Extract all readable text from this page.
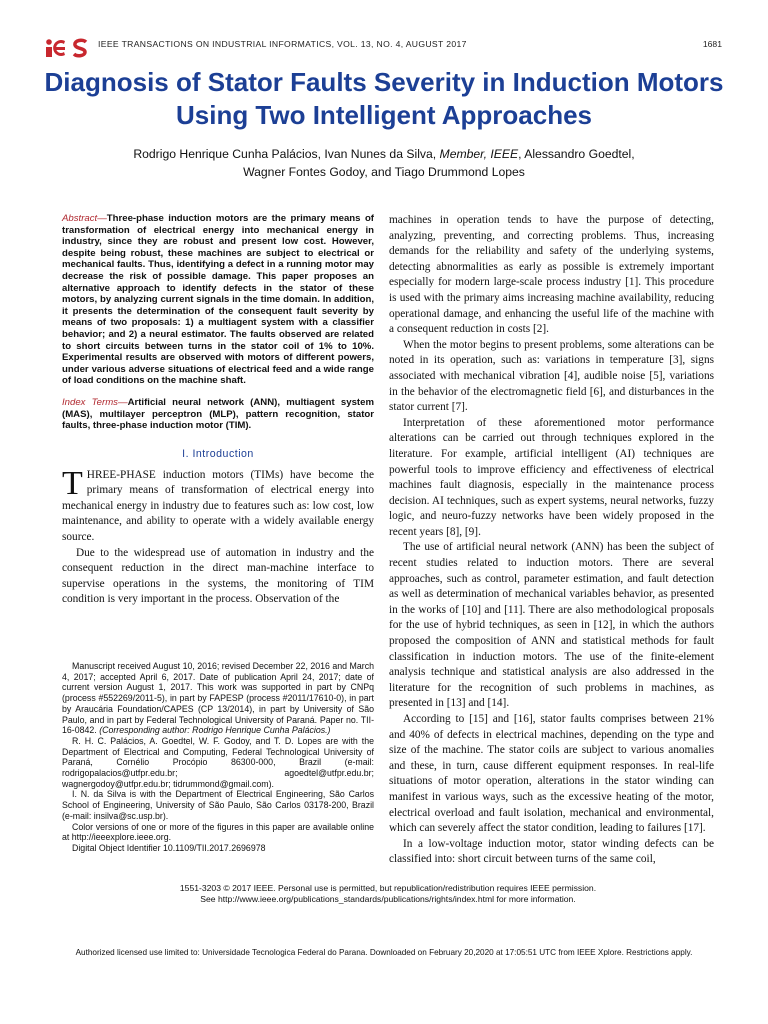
IEEE TRANSACTIONS ON INDUSTRIAL INFORMATICS, VOL. 13, NO. 4, AUGUST 2017	1681
Diagnosis of Stator Faults Severity in Induction Motors Using Two Intelligent Approaches
Rodrigo Henrique Cunha Palácios, Ivan Nunes da Silva, Member, IEEE, Alessandro Goedtel,
Wagner Fontes Godoy, and Tiago Drummond Lopes

Abstract—Three-phase induction motors are the primary means of transformation of electrical energy into mechanical energy in industry, since they are robust and present low cost. However, despite being robust, these machines are subject to electrical or mechanical faults. Thus, identifying a defect in a running motor may decrease the risk of possible damage. This paper proposes an alternative approach to identify defects in the stator of these motors, by analyzing current signals in the time domain. In addition, it presents the determination of the consequent fault severity by means of two proposals: 1) a multiagent system with a classifier behavior; and 2) a neural estimator. The faults observed are related to short circuits between turns in the stator coil of 1% to 10%. Experimental results are observed with motors of different powers, under various adverse situations of electrical feed and a wide range of load conditions on the machine shaft.

Index Terms—Artificial neural network (ANN), multiagent system (MAS), multilayer perceptron (MLP), pattern recognition, stator faults, three-phase induction motor (TIM).

I. Introduction

THREE-PHASE induction motors (TIMs) have become the primary means of transformation of electrical energy into mechanical energy in industry due to features such as: low cost, low maintenance, and ability to operate with a widely available energy source.

Due to the widespread use of automation in industry and the consequent reduction in the direct man-machine interface to supervise operations in the systems, the monitoring of TIM condition is very important in the process. Observation of the

Manuscript received August 10, 2016; revised December 22, 2016 and March 4, 2017; accepted April 6, 2017. Date of publication April 24, 2017; date of current version August 1, 2017. This work was supported in part by CNPq (process #552269/2011-5), in part by FAPESP (process #2011/17610-0), in part by Araucária Foundation/CAPES (CP 13/2014), in part by University of São Paulo, and in part by Federal Technological University of Paraná. Paper no. TII-16-0842. (Corresponding author: Rodrigo Henrique Cunha Palácios.)

R. H. C. Palácios, A. Goedtel, W. F. Godoy, and T. D. Lopes are with the Department of Electrical and Computing, Federal Technological University of Paraná, Cornélio Procópio 86300-000, Brazil (e-mail: rodrigopalacios@utfpr.edu.br; agoedtel@utfpr.edu.br; wagnergodoy@utfpr.edu.br; tidrummond@gmail.com).

I. N. da Silva is with the Department of Electrical Engineering, São Carlos School of Engineering, University of São Paulo, São Carlos 03178-200, Brazil (e-mail: insilva@sc.usp.br).

Color versions of one or more of the figures in this paper are available online at http://ieeexplore.ieee.org.

Digital Object Identifier 10.1109/TII.2017.2696978

machines in operation tends to have the purpose of detecting, analyzing, preventing, and correcting problems. Thus, increasing demands for the reliability and safety of the underlying systems, detecting abnormalities as early as possible is extremely important especially for modern large-scale process industry [1]. This procedure is used with the primary aims increasing machine availability, reducing operational damage, and enhancing the useful life of the machine with a consequent reduction in costs [2].

When the motor begins to present problems, some alterations can be noted in its operation, such as: variations in temperature [3], signs associated with mechanical vibration [4], audible noise [5], variations in the behavior of the electromagnetic field [6], and disturbances in the stator current [7].

Interpretation of these aforementioned motor performance alterations can be carried out through techniques explored in the literature. For example, artificial intelligent (AI) techniques are powerful tools to improve efficiency and effectiveness of electrical machines fault diagnosis, especially in the maintenance process decision. AI techniques, such as expert systems, neural networks, fuzzy logic, and neuro-fuzzy networks have been widely proposed in the recent years [8], [9].

The use of artificial neural network (ANN) has been the subject of recent studies related to induction motors. There are several approaches, such as control, parameter estimation, and fault detection as well as determination of mechanical variables behavior, as presented in the works of [10] and [11]. There are also methodological proposals for the use of hybrid techniques, as seen in [12], in which the authors proposed the composition of ANN and statistical methods for fault classification in induction motors. The use of the finite-element analysis technique and statistical analysis are also addressed in the literature for the recognition of such problems in machines, as presented in [13] and [14].

According to [15] and [16], stator faults comprises between 21% and 40% of defects in electrical machines, depending on the type and size of the machine. The stator coils are subject to various anomalies and these, in turn, cause different equipment responses. In real-life situations of motor operation, alterations in the stator winding can manifest in various ways, such as the excessive heating of the motor, electrical overload and fault isolation, mechanical and environmental, which can severely affect the stator condition, leading to failures [17].

In a low-voltage induction motor, stator winding defects can be classified into: short circuit between turns of the same coil,

1551-3203 © 2017 IEEE. Personal use is permitted, but republication/redistribution requires IEEE permission.
See http://www.ieee.org/publications_standards/publications/rights/index.html for more information.
Authorized licensed use limited to: Universidade Tecnologica Federal do Parana. Downloaded on February 20,2020 at 17:05:51 UTC from IEEE Xplore. Restrictions apply.
